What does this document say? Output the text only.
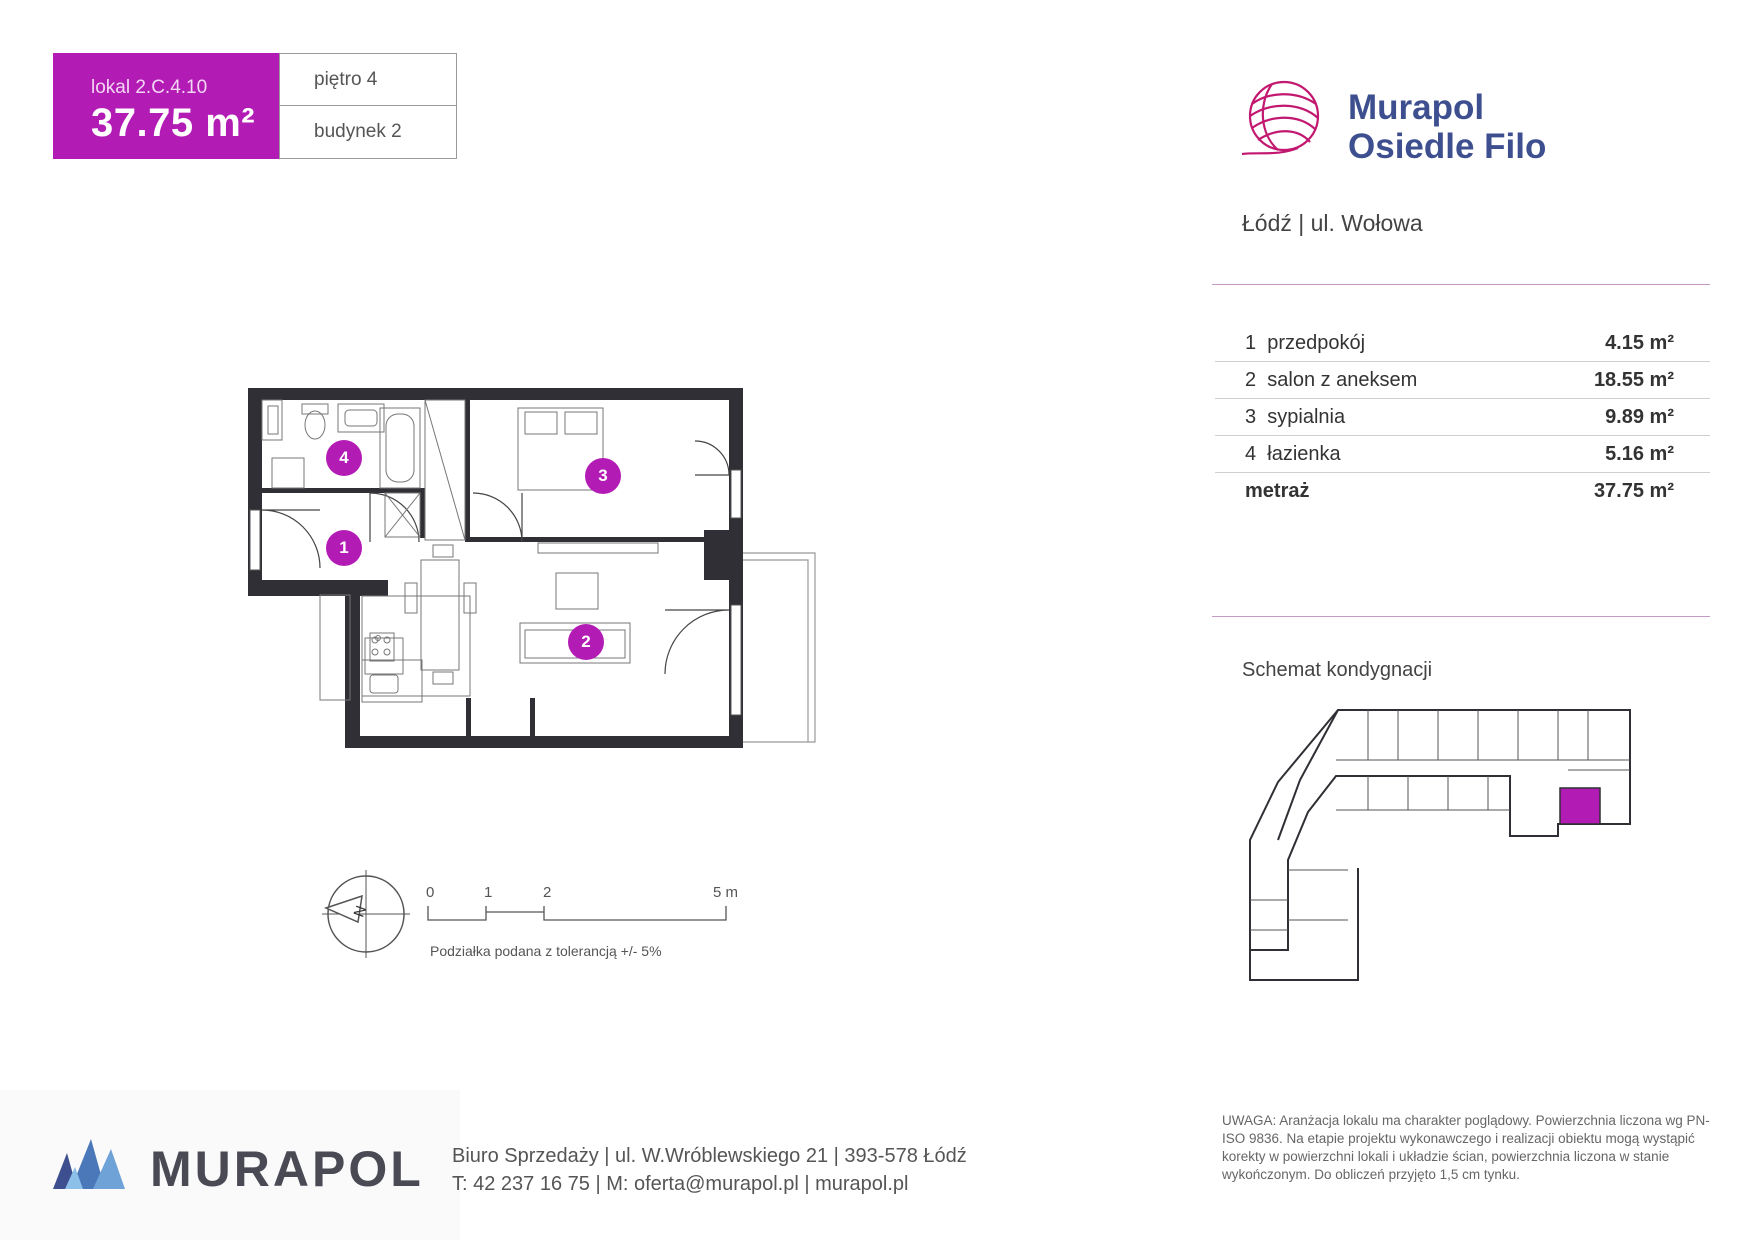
lokal 2.C.4.10
37.75 m²
piętro 4
budynek 2
Murapol
Osiedle Filo
Łódź | ul. Wołowa
1 przedpokój	4.15 m²
2 salon z aneksem	18.55 m²
3 sypialnia	9.89 m²
4 łazienka	5.16 m²
metraż	37.75 m²
4
1
3
2
N
0	1	2	5 m
Podziałka podana z tolerancją +/- 5%
Schemat kondygnacji
MURAPOL Biuro Sprzedaży | ul. W.Wróblewskiego 21 | 393-578 Łódź
T: 42 237 16 75 | M: oferta@murapol.pl | murapol.pl
UWAGA: Aranżacja lokalu ma charakter poglądowy. Powierzchnia liczona wg PN-ISO 9836. Na etapie projektu wykonawczego i realizacji obiektu mogą wystąpić korekty w powierzchni lokali i układzie ścian, powierzchnia liczona w stanie wykończonym. Do obliczeń przyjęto 1,5 cm tynku.
